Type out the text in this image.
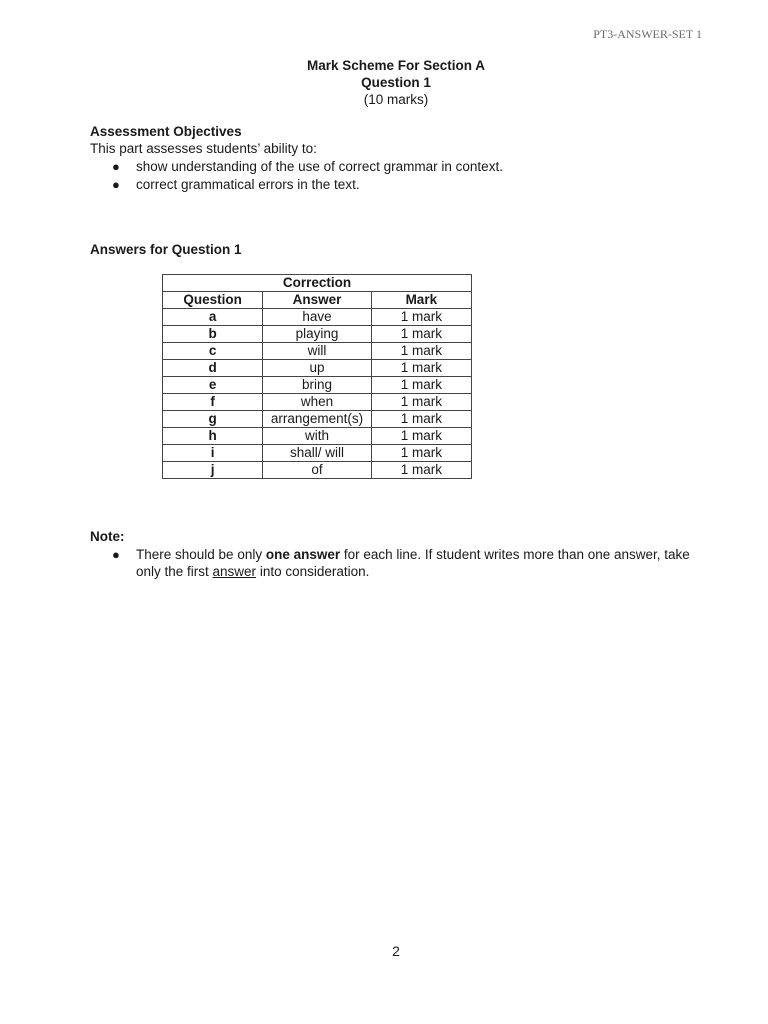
PT3-ANSWER-SET 1
Mark Scheme For Section A
Question 1
(10 marks)
Assessment Objectives
This part assesses students’ ability to:
● show understanding of the use of correct grammar in context.
● correct grammatical errors in the text.
Answers for Question 1
Correction		
Question	Answer	Mark
a	have	1 mark
b	playing	1 mark
c	will	1 mark
d	up	1 mark
e	bring	1 mark
f	when	1 mark
g	arrangement(s)	1 mark
h	with	1 mark
i	shall/ will	1 mark
j	of	1 mark
Note:
● There should be only one answer for each line. If student writes more than one answer, take only the first answer into consideration.
2
